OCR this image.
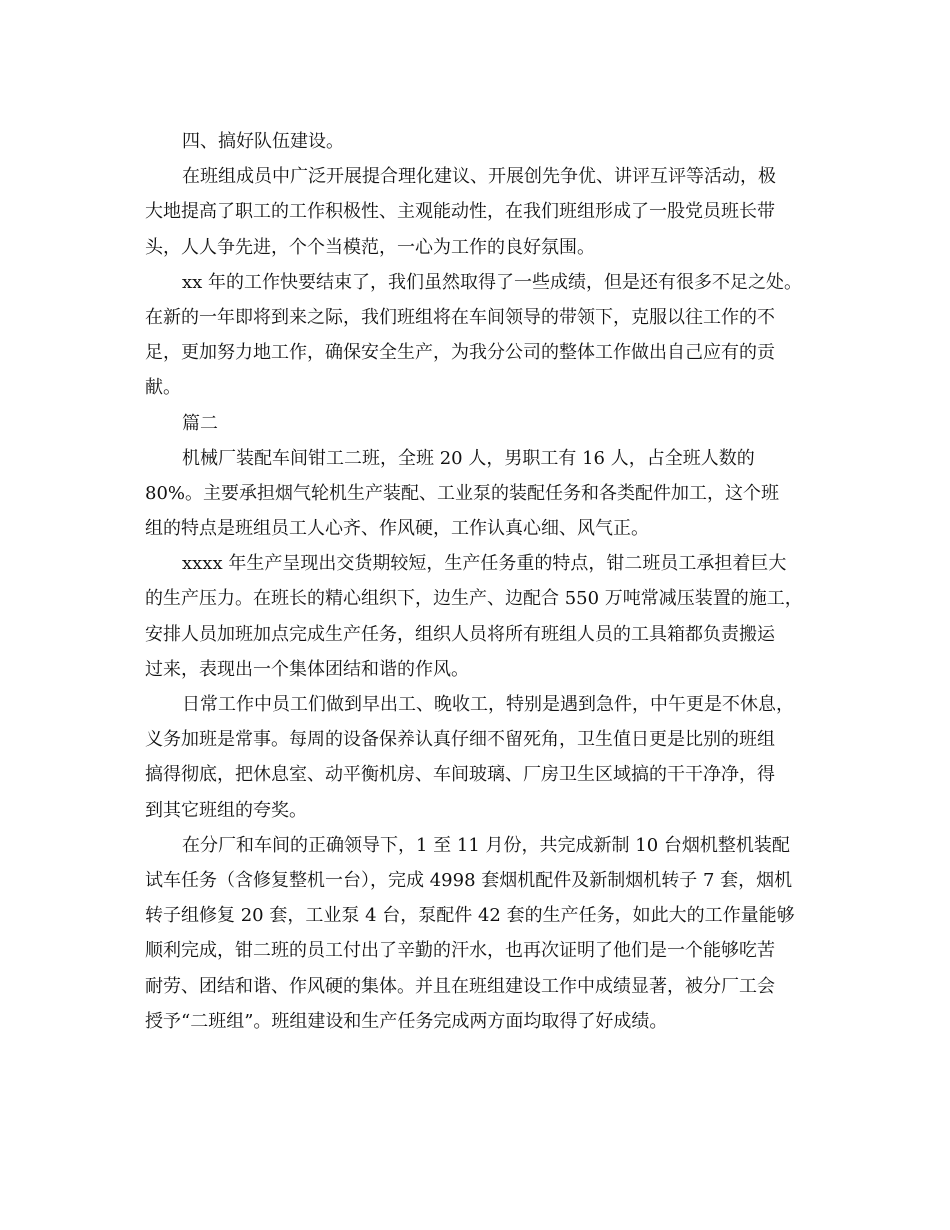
四、搞好队伍建设。
在班组成员中广泛开展提合理化建议、开展创先争优、讲评互评等活动，极
大地提高了职工的工作积极性、主观能动性，在我们班组形成了一股党员班长带
头，人人争先进，个个当模范，一心为工作的良好氛围。
xx 年的工作快要结束了，我们虽然取得了一些成绩，但是还有很多不足之处。
在新的一年即将到来之际，我们班组将在车间领导的带领下，克服以往工作的不
足，更加努力地工作，确保安全生产，为我分公司的整体工作做出自己应有的贡
献。
篇二
机械厂装配车间钳工二班，全班 20 人，男职工有 16 人，占全班人数的
80%。主要承担烟气轮机生产装配、工业泵的装配任务和各类配件加工，这个班
组的特点是班组员工人心齐、作风硬，工作认真心细、风气正。
xxxx 年生产呈现出交货期较短，生产任务重的特点，钳二班员工承担着巨大
的生产压力。在班长的精心组织下，边生产、边配合 550 万吨常减压装置的施工，
安排人员加班加点完成生产任务，组织人员将所有班组人员的工具箱都负责搬运
过来，表现出一个集体团结和谐的作风。
日常工作中员工们做到早出工、晚收工，特别是遇到急件，中午更是不休息，
义务加班是常事。每周的设备保养认真仔细不留死角，卫生值日更是比别的班组
搞得彻底，把休息室、动平衡机房、车间玻璃、厂房卫生区域搞的干干净净，得
到其它班组的夸奖。
在分厂和车间的正确领导下，1 至 11 月份，共完成新制 10 台烟机整机装配
试车任务（含修复整机一台），完成 4998 套烟机配件及新制烟机转子 7 套，烟机
转子组修复 20 套，工业泵 4 台，泵配件 42 套的生产任务，如此大的工作量能够
顺利完成，钳二班的员工付出了辛勤的汗水，也再次证明了他们是一个能够吃苦
耐劳、团结和谐、作风硬的集体。并且在班组建设工作中成绩显著，被分厂工会
授予“二班组”。班组建设和生产任务完成两方面均取得了好成绩。
